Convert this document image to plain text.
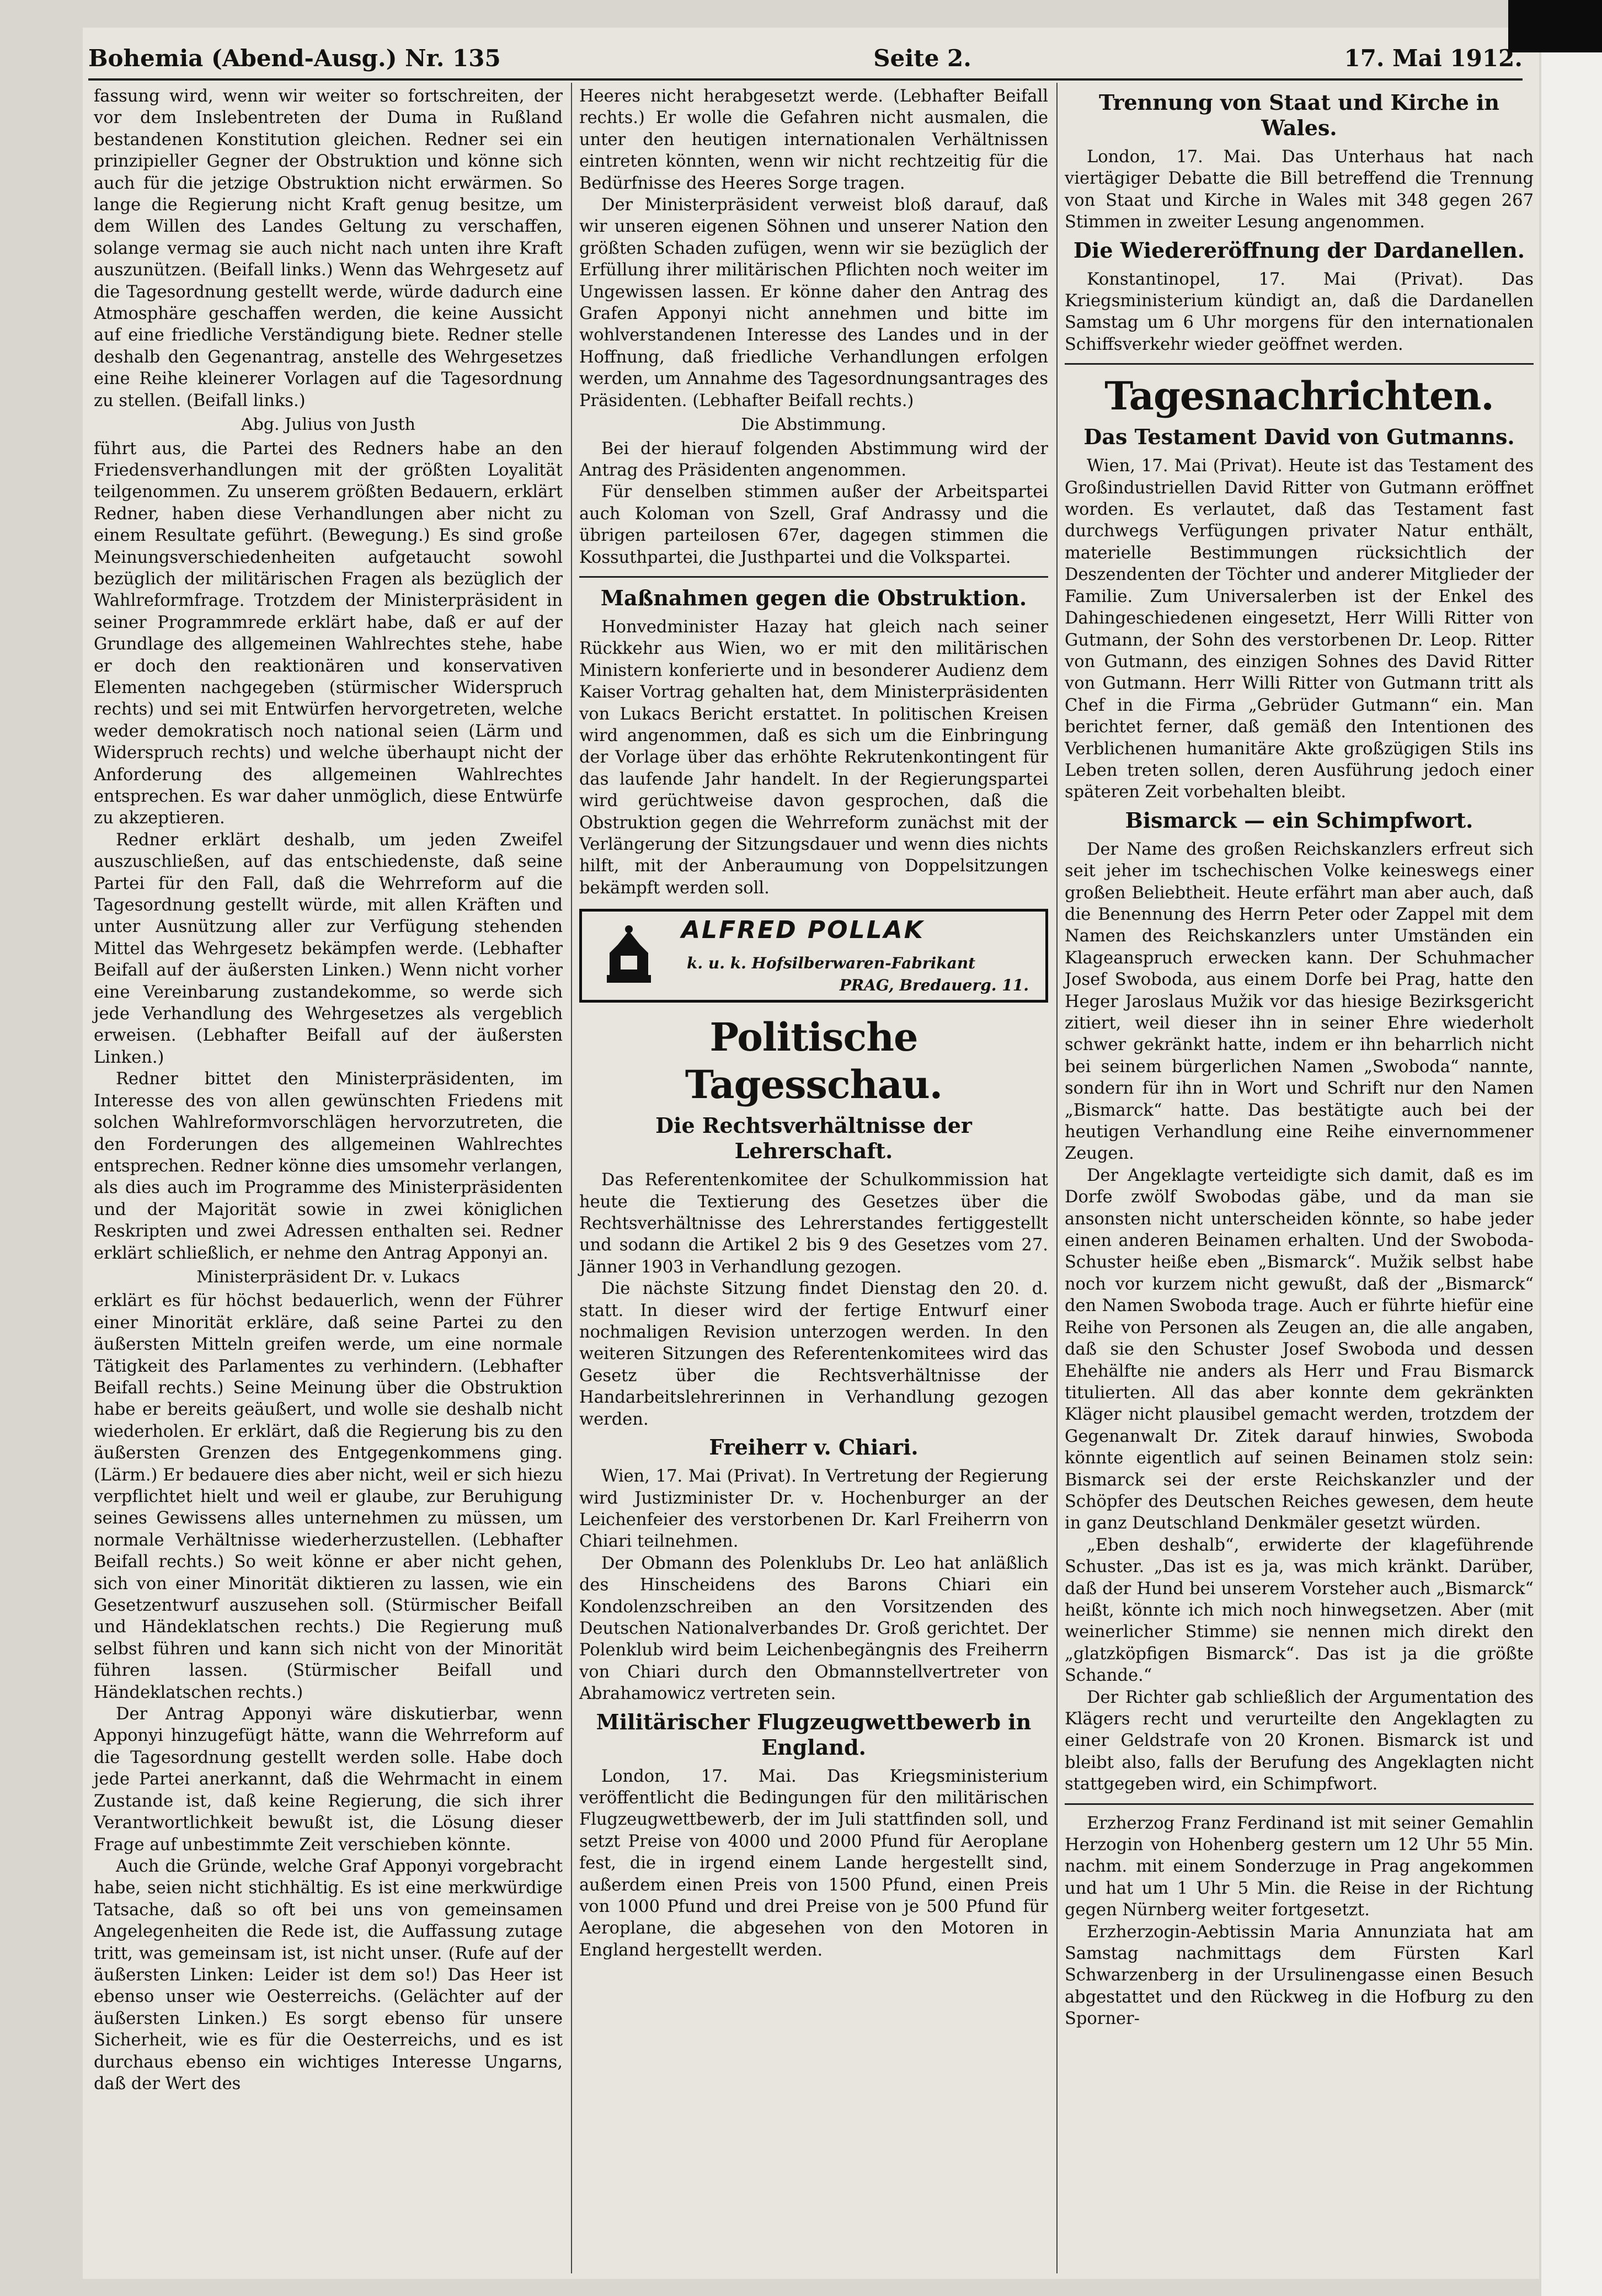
Bohemia (Abend-Ausg.) Nr. 135	Seite 2.	17. Mai 1912.

fassung wird, wenn wir weiter so fortschreiten, der vor dem Inslebentreten der Duma in Rußland bestandenen Konstitution gleichen. Redner sei ein prinzipieller Gegner der Obstruktion und könne sich auch für die jetzige Obstruktion nicht erwärmen. So lange die Regierung nicht Kraft genug besitze, um dem Willen des Landes Geltung zu verschaffen, solange vermag sie auch nicht nach unten ihre Kraft auszunützen. (Beifall links.) Wenn das Wehrgesetz auf die Tagesordnung gestellt werde, würde dadurch eine Atmosphäre geschaffen werden, die keine Aussicht auf eine friedliche Verständigung biete. Redner stelle deshalb den Gegenantrag, anstelle des Wehrgesetzes eine Reihe kleinerer Vorlagen auf die Tagesordnung zu stellen. (Beifall links.)

Abg. Julius von Justh

führt aus, die Partei des Redners habe an den Friedensverhandlungen mit der größten Loyalität teilgenommen. Zu unserem größten Bedauern, erklärt Redner, haben diese Verhandlungen aber nicht zu einem Resultate geführt. (Bewegung.) Es sind große Meinungsverschiedenheiten aufgetaucht sowohl bezüglich der militärischen Fragen als bezüglich der Wahlreformfrage. Trotzdem der Ministerpräsident in seiner Programmrede erklärt habe, daß er auf der Grundlage des allgemeinen Wahlrechtes stehe, habe er doch den reaktionären und konservativen Elementen nachgegeben (stürmischer Widerspruch rechts) und sei mit Entwürfen hervorgetreten, welche weder demokratisch noch national seien (Lärm und Widerspruch rechts) und welche überhaupt nicht der Anforderung des allgemeinen Wahlrechtes entsprechen. Es war daher unmöglich, diese Entwürfe zu akzeptieren.

Redner erklärt deshalb, um jeden Zweifel auszuschließen, auf das entschiedenste, daß seine Partei für den Fall, daß die Wehrreform auf die Tagesordnung gestellt würde, mit allen Kräften und unter Ausnützung aller zur Verfügung stehenden Mittel das Wehrgesetz bekämpfen werde. (Lebhafter Beifall auf der äußersten Linken.) Wenn nicht vorher eine Vereinbarung zustandekomme, so werde sich jede Verhandlung des Wehrgesetzes als vergeblich erweisen. (Lebhafter Beifall auf der äußersten Linken.)

Redner bittet den Ministerpräsidenten, im Interesse des von allen gewünschten Friedens mit solchen Wahlreformvorschlägen hervorzutreten, die den Forderungen des allgemeinen Wahlrechtes entsprechen. Redner könne dies umsomehr verlangen, als dies auch im Programme des Ministerpräsidenten und der Majorität sowie in zwei königlichen Reskripten und zwei Adressen enthalten sei. Redner erklärt schließlich, er nehme den Antrag Apponyi an.

Ministerpräsident Dr. v. Lukacs

erklärt es für höchst bedauerlich, wenn der Führer einer Minorität erkläre, daß seine Partei zu den äußersten Mitteln greifen werde, um eine normale Tätigkeit des Parlamentes zu verhindern. (Lebhafter Beifall rechts.) Seine Meinung über die Obstruktion habe er bereits geäußert, und wolle sie deshalb nicht wiederholen. Er erklärt, daß die Regierung bis zu den äußersten Grenzen des Entgegenkommens ging. (Lärm.) Er bedauere dies aber nicht, weil er sich hiezu verpflichtet hielt und weil er glaube, zur Beruhigung seines Gewissens alles unternehmen zu müssen, um normale Verhältnisse wiederherzustellen. (Lebhafter Beifall rechts.) So weit könne er aber nicht gehen, sich von einer Minorität diktieren zu lassen, wie ein Gesetzentwurf auszusehen soll. (Stürmischer Beifall und Händeklatschen rechts.) Die Regierung muß selbst führen und kann sich nicht von der Minorität führen lassen. (Stürmischer Beifall und Händeklatschen rechts.)

Der Antrag Apponyi wäre diskutierbar, wenn Apponyi hinzugefügt hätte, wann die Wehrreform auf die Tagesordnung gestellt werden solle. Habe doch jede Partei anerkannt, daß die Wehrmacht in einem Zustande ist, daß keine Regierung, die sich ihrer Verantwortlichkeit bewußt ist, die Lösung dieser Frage auf unbestimmte Zeit verschieben könnte.

Auch die Gründe, welche Graf Apponyi vorgebracht habe, seien nicht stichhältig. Es ist eine merkwürdige Tatsache, daß so oft bei uns von gemeinsamen Angelegenheiten die Rede ist, die Auffassung zutage tritt, was gemeinsam ist, ist nicht unser. (Rufe auf der äußersten Linken: Leider ist dem so!) Das Heer ist ebenso unser wie Oesterreichs. (Gelächter auf der äußersten Linken.) Es sorgt ebenso für unsere Sicherheit, wie es für die Oesterreichs, und es ist durchaus ebenso ein wichtiges Interesse Ungarns, daß der Wert des

Heeres nicht herabgesetzt werde. (Lebhafter Beifall rechts.) Er wolle die Gefahren nicht ausmalen, die unter den heutigen internationalen Verhältnissen eintreten könnten, wenn wir nicht rechtzeitig für die Bedürfnisse des Heeres Sorge tragen.

Der Ministerpräsident verweist bloß darauf, daß wir unseren eigenen Söhnen und unserer Nation den größten Schaden zufügen, wenn wir sie bezüglich der Erfüllung ihrer militärischen Pflichten noch weiter im Ungewissen lassen. Er könne daher den Antrag des Grafen Apponyi nicht annehmen und bitte im wohlverstandenen Interesse des Landes und in der Hoffnung, daß friedliche Verhandlungen erfolgen werden, um Annahme des Tagesordnungsantrages des Präsidenten. (Lebhafter Beifall rechts.)

Die Abstimmung.

Bei der hierauf folgenden Abstimmung wird der Antrag des Präsidenten angenommen.

Für denselben stimmen außer der Arbeitspartei auch Koloman von Szell, Graf Andrassy und die übrigen parteilosen 67er, dagegen stimmen die Kossuthpartei, die Justhpartei und die Volkspartei.

Maßnahmen gegen die Obstruktion.

Honvedminister Hazay hat gleich nach seiner Rückkehr aus Wien, wo er mit den militärischen Ministern konferierte und in besonderer Audienz dem Kaiser Vortrag gehalten hat, dem Ministerpräsidenten von Lukacs Bericht erstattet. In politischen Kreisen wird angenommen, daß es sich um die Einbringung der Vorlage über das erhöhte Rekrutenkontingent für das laufende Jahr handelt. In der Regierungspartei wird gerüchtweise davon gesprochen, daß die Obstruktion gegen die Wehrreform zunächst mit der Verlängerung der Sitzungsdauer und wenn dies nichts hilft, mit der Anberaumung von Doppelsitzungen bekämpft werden soll.

ALFRED POLLAK
k. u. k. Hofsilberwaren-Fabrikant
PRAG, Bredauerg. 11.
Politische Tagesschau.
Die Rechtsverhältnisse der Lehrerschaft.

Das Referentenkomitee der Schulkommission hat heute die Textierung des Gesetzes über die Rechtsverhältnisse des Lehrerstandes fertiggestellt und sodann die Artikel 2 bis 9 des Gesetzes vom 27. Jänner 1903 in Verhandlung gezogen.

Die nächste Sitzung findet Dienstag den 20. d. statt. In dieser wird der fertige Entwurf einer nochmaligen Revision unterzogen werden. In den weiteren Sitzungen des Referentenkomitees wird das Gesetz über die Rechtsverhältnisse der Handarbeitslehrerinnen in Verhandlung gezogen werden.

Freiherr v. Chiari.

Wien, 17. Mai (Privat). In Vertretung der Regierung wird Justizminister Dr. v. Hochenburger an der Leichenfeier des verstorbenen Dr. Karl Freiherrn von Chiari teilnehmen.

Der Obmann des Polenklubs Dr. Leo hat anläßlich des Hinscheidens des Barons Chiari ein Kondolenzschreiben an den Vorsitzenden des Deutschen Nationalverbandes Dr. Groß gerichtet. Der Polenklub wird beim Leichenbegängnis des Freiherrn von Chiari durch den Obmannstellvertreter von Abrahamowicz vertreten sein.

Militärischer Flugzeugwettbewerb in England.

London, 17. Mai. Das Kriegsministerium veröffentlicht die Bedingungen für den militärischen Flugzeugwettbewerb, der im Juli stattfinden soll, und setzt Preise von 4000 und 2000 Pfund für Aeroplane fest, die in irgend einem Lande hergestellt sind, außerdem einen Preis von 1500 Pfund, einen Preis von 1000 Pfund und drei Preise von je 500 Pfund für Aeroplane, die abgesehen von den Motoren in England hergestellt werden.

Trennung von Staat und Kirche in Wales.

London, 17. Mai. Das Unterhaus hat nach viertägiger Debatte die Bill betreffend die Trennung von Staat und Kirche in Wales mit 348 gegen 267 Stimmen in zweiter Lesung angenommen.

Die Wiedereröffnung der Dardanellen.

Konstantinopel, 17. Mai (Privat). Das Kriegsministerium kündigt an, daß die Dardanellen Samstag um 6 Uhr morgens für den internationalen Schiffsverkehr wieder geöffnet werden.

Tagesnachrichten.
Das Testament David von Gutmanns.

Wien, 17. Mai (Privat). Heute ist das Testament des Großindustriellen David Ritter von Gutmann eröffnet worden. Es verlautet, daß das Testament fast durchwegs Verfügungen privater Natur enthält, materielle Bestimmungen rücksichtlich der Deszendenten der Töchter und anderer Mitglieder der Familie. Zum Universalerben ist der Enkel des Dahingeschiedenen eingesetzt, Herr Willi Ritter von Gutmann, der Sohn des verstorbenen Dr. Leop. Ritter von Gutmann, des einzigen Sohnes des David Ritter von Gutmann. Herr Willi Ritter von Gutmann tritt als Chef in die Firma „Gebrüder Gutmann“ ein. Man berichtet ferner, daß gemäß den Intentionen des Verblichenen humanitäre Akte großzügigen Stils ins Leben treten sollen, deren Ausführung jedoch einer späteren Zeit vorbehalten bleibt.

Bismarck — ein Schimpfwort.

Der Name des großen Reichskanzlers erfreut sich seit jeher im tschechischen Volke keineswegs einer großen Beliebtheit. Heute erfährt man aber auch, daß die Benennung des Herrn Peter oder Zappel mit dem Namen des Reichskanzlers unter Umständen ein Klageanspruch erwecken kann. Der Schuhmacher Josef Swoboda, aus einem Dorfe bei Prag, hatte den Heger Jaroslaus Mužik vor das hiesige Bezirksgericht zitiert, weil dieser ihn in seiner Ehre wiederholt schwer gekränkt hatte, indem er ihn beharrlich nicht bei seinem bürgerlichen Namen „Swoboda“ nannte, sondern für ihn in Wort und Schrift nur den Namen „Bismarck“ hatte. Das bestätigte auch bei der heutigen Verhandlung eine Reihe einvernommener Zeugen.

Der Angeklagte verteidigte sich damit, daß es im Dorfe zwölf Swobodas gäbe, und da man sie ansonsten nicht unterscheiden könnte, so habe jeder einen anderen Beinamen erhalten. Und der Swoboda-Schuster heiße eben „Bismarck“. Mužik selbst habe noch vor kurzem nicht gewußt, daß der „Bismarck“ den Namen Swoboda trage. Auch er führte hiefür eine Reihe von Personen als Zeugen an, die alle angaben, daß sie den Schuster Josef Swoboda und dessen Ehehälfte nie anders als Herr und Frau Bismarck titulierten. All das aber konnte dem gekränkten Kläger nicht plausibel gemacht werden, trotzdem der Gegenanwalt Dr. Zitek darauf hinwies, Swoboda könnte eigentlich auf seinen Beinamen stolz sein: Bismarck sei der erste Reichskanzler und der Schöpfer des Deutschen Reiches gewesen, dem heute in ganz Deutschland Denkmäler gesetzt würden.

„Eben deshalb“, erwiderte der klageführende Schuster. „Das ist es ja, was mich kränkt. Darüber, daß der Hund bei unserem Vorsteher auch „Bismarck“ heißt, könnte ich mich noch hinwegsetzen. Aber (mit weinerlicher Stimme) sie nennen mich direkt den „glatzköpfigen Bismarck“. Das ist ja die größte Schande.“

Der Richter gab schließlich der Argumentation des Klägers recht und verurteilte den Angeklagten zu einer Geldstrafe von 20 Kronen. Bismarck ist und bleibt also, falls der Berufung des Angeklagten nicht stattgegeben wird, ein Schimpfwort.

Erzherzog Franz Ferdinand ist mit seiner Gemahlin Herzogin von Hohenberg gestern um 12 Uhr 55 Min. nachm. mit einem Sonderzuge in Prag angekommen und hat um 1 Uhr 5 Min. die Reise in der Richtung gegen Nürnberg weiter fortgesetzt.

Erzherzogin-Aebtissin Maria Annunziata hat am Samstag nachmittags dem Fürsten Karl Schwarzenberg in der Ursulinengasse einen Besuch abgestattet und den Rückweg in die Hofburg zu den Sporner-
